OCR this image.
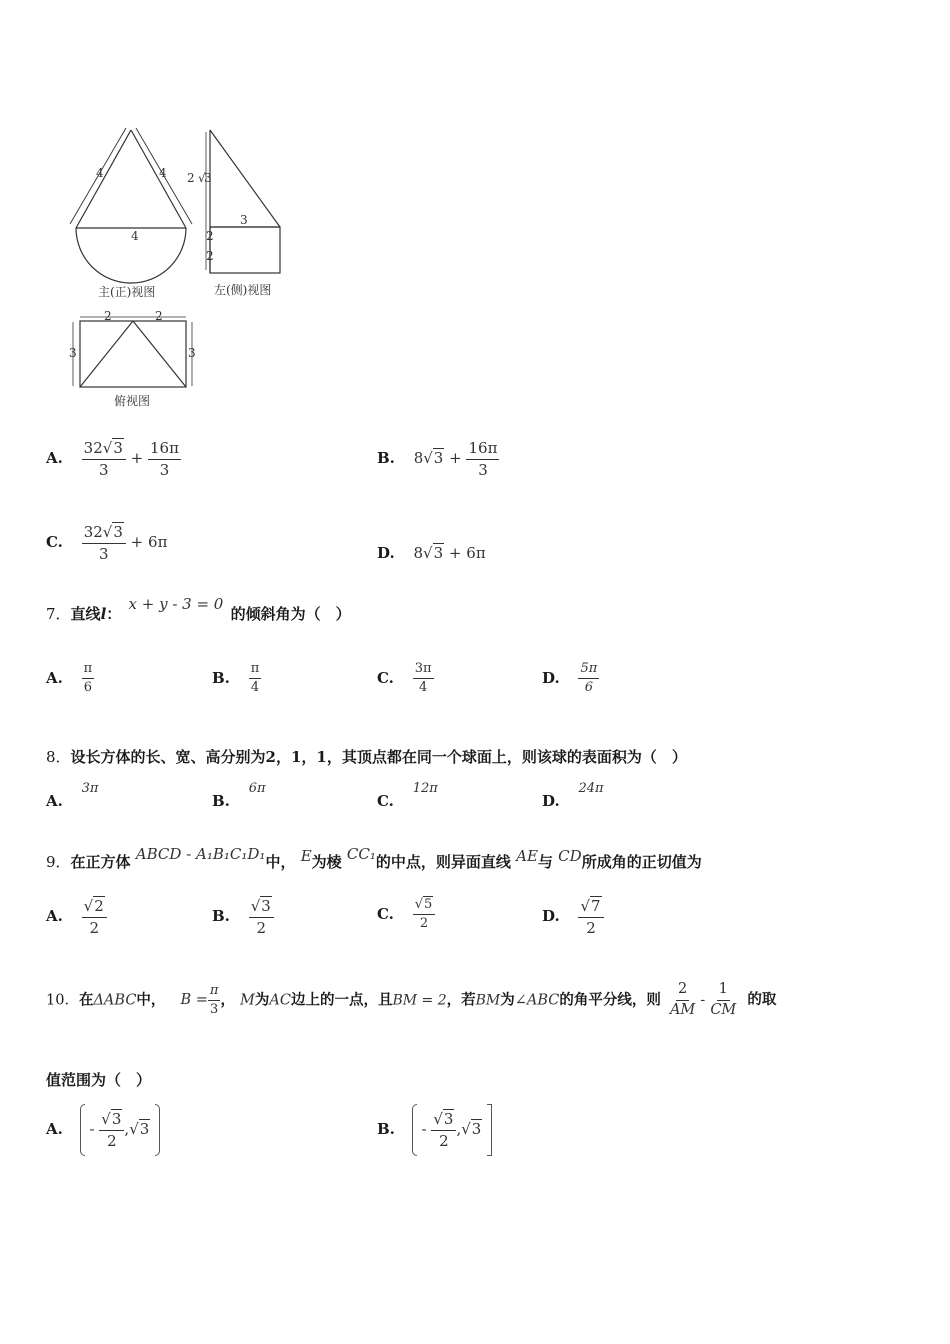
4	4
4
主(正)视图
2 √
3
3
2
2
左(侧)视图
2	2
3	3
俯视图
A. $\frac{32√3}{3} + \frac{16\pi}{3}$	B. $8√3 + \frac{16\pi}{3}$
C. $\frac{32√3}{3} + 6\pi$
D. 8√3 + 6π
7．直线l： x + y - 3 = 0 的倾斜角为（　）
A. $\frac{\pi}{6}$	B. $\frac{\pi}{4}$	C. $\frac{3\pi}{4}$	D. $\frac{5\pi}{6}$
8．设长方体的长、宽、高分别为2，1，1，其顶点都在同一个球面上，则该球的表面积为（　）
A. 3π
B. 6π
C. 12π
D. 24π
9．在正方体 ABCD - A₁B₁C₁D₁中， E为棱 CC₁的中点，则异面直线 AE与 CD所成角的正切值为
A. $\frac{√2}{2}$	B. $\frac{√3}{2}$	C. $\frac{√5}{2}$	D. $\frac{√7}{2}$
10．在ΔABC中， $B = \frac{\pi}{3}$ ， M为AC边上的一点，且BM = 2，若BM为∠ABC的角平分线，则 $\frac{2}{AM} - \frac{1}{CM}$ 的取
值范围为（　）
A. - $\frac{√3}{2} ,√3$	B. - $\frac{√3}{2} ,√3$
